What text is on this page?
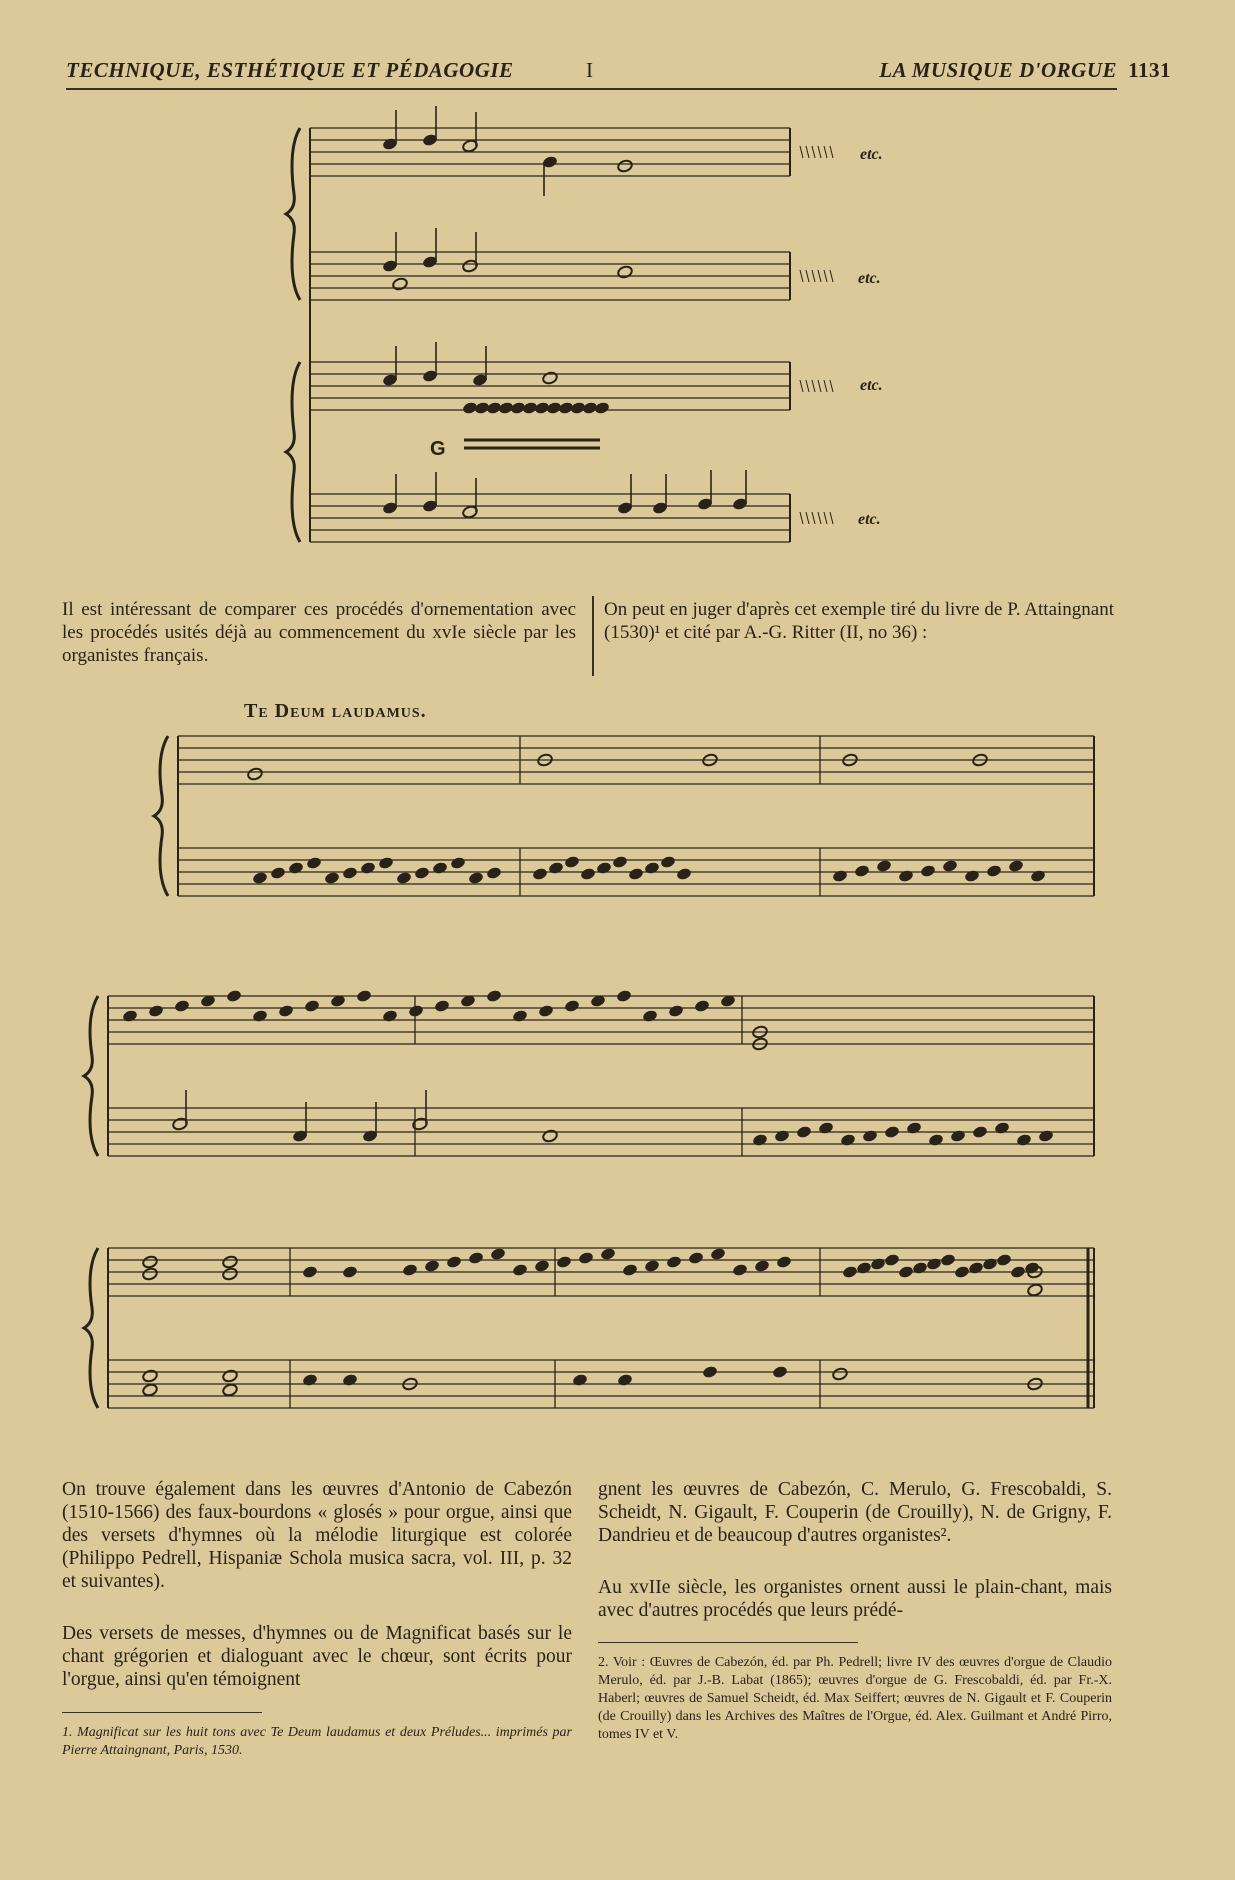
TECHNIQUE, ESTHÉTIQUE ET PÉDAGOGIE	I	LA MUSIQUE D'ORGUE 1131
etc.
etc.
etc.
etc.
G
Il est intéressant de comparer ces procédés d'ornementation avec les procédés usités déjà au commencement du xvIe siècle par les organistes français.
On peut en juger d'après cet exemple tiré du livre de P. Attaingnant (1530)¹ et cité par A.-G. Ritter (II, no 36) :
Te Deum laudamus.
On trouve également dans les œuvres d'Antonio de Cabezón (1510-1566) des faux-bourdons « glosés » pour orgue, ainsi que des versets d'hymnes où la mélodie liturgique est colorée (Philippo Pedrell, Hispaniæ Schola musica sacra, vol. III, p. 32 et suivantes).
Des versets de messes, d'hymnes ou de Magnificat basés sur le chant grégorien et dialoguant avec le chœur, sont écrits pour l'orgue, ainsi qu'en témoignent
gnent les œuvres de Cabezón, C. Merulo, G. Frescobaldi, S. Scheidt, N. Gigault, F. Couperin (de Crouilly), N. de Grigny, F. Dandrieu et de beaucoup d'autres organistes².
Au xvIIe siècle, les organistes ornent aussi le plain-chant, mais avec d'autres procédés que leurs prédé-
1. Magnificat sur les huit tons avec Te Deum laudamus et deux Préludes... imprimés par Pierre Attaingnant, Paris, 1530.
2. Voir : Œuvres de Cabezón, éd. par Ph. Pedrell; livre IV des œuvres d'orgue de Claudio Merulo, éd. par J.-B. Labat (1865); œuvres d'orgue de G. Frescobaldi, éd. par Fr.-X. Haberl; œuvres de Samuel Scheidt, éd. Max Seiffert; œuvres de N. Gigault et F. Couperin (de Crouilly) dans les Archives des Maîtres de l'Orgue, éd. Alex. Guilmant et André Pirro, tomes IV et V.
